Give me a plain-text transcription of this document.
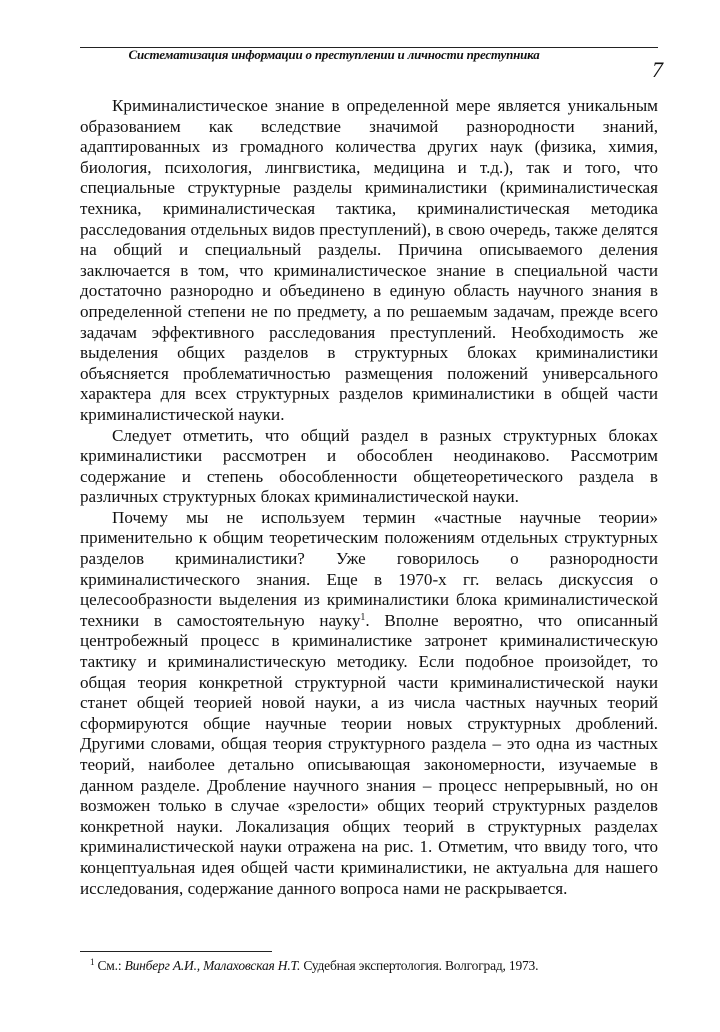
Систематизация информации о преступлении и личности преступника
7

Криминалистическое знание в определенной мере является уникальным образованием как вследствие значимой разнородности знаний, адаптированных из громадного количества других наук (физика, химия, биология, психология, лингвистика, медицина и т.д.), так и того, что специальные структурные разделы криминалистики (криминалистическая техника, криминалистическая тактика, криминалистическая методика расследования отдельных видов преступлений), в свою очередь, также делятся на общий и специальный разделы. Причина описываемого деления заключается в том, что криминалистическое знание в специальной части достаточно разнородно и объединено в единую область научного знания в определенной степени не по предмету, а по решаемым задачам, прежде всего задачам эффективного расследования преступлений. Необходимость же выделения общих разделов в структурных блоках криминалистики объясняется проблематичностью размещения положений универсального характера для всех структурных разделов криминалистики в общей части криминалистической науки.

Следует отметить, что общий раздел в разных структурных блоках криминалистики рассмотрен и обособлен неодинаково. Рассмотрим содержание и степень обособленности общетеоретического раздела в различных структурных блоках криминалистической науки.

Почему мы не используем термин «частные научные теории» применительно к общим теоретическим положениям отдельных структурных разделов криминалистики? Уже говорилось о разнородности криминалистического знания. Еще в 1970-х гг. велась дискуссия о целесообразности выделения из криминалистики блока криминалистической техники в самостоятельную науку$^1$. Вполне вероятно, что описанный центробежный процесс в криминалистике затронет криминалистическую тактику и криминалистическую методику. Если подобное произойдет, то общая теория конкретной структурной части криминалистической науки станет общей теорией новой науки, а из числа частных научных теорий сформируются общие научные теории новых структурных дроблений. Другими словами, общая теория структурного раздела – это одна из частных теорий, наиболее детально описывающая закономерности, изучаемые в данном разделе. Дробление научного знания – процесс непрерывный, но он возможен только в случае «зрелости» общих теорий структурных разделов конкретной науки. Локализация общих теорий в структурных разделах криминалистической науки отражена на рис. 1. Отметим, что ввиду того, что концептуальная идея общей части криминалистики, не актуальна для нашего исследования, содержание данного вопроса нами не раскрывается.

$^1$ См.: Винберг А.И., Малаховская Н.Т. Судебная экспертология. Волгоград, 1973.
